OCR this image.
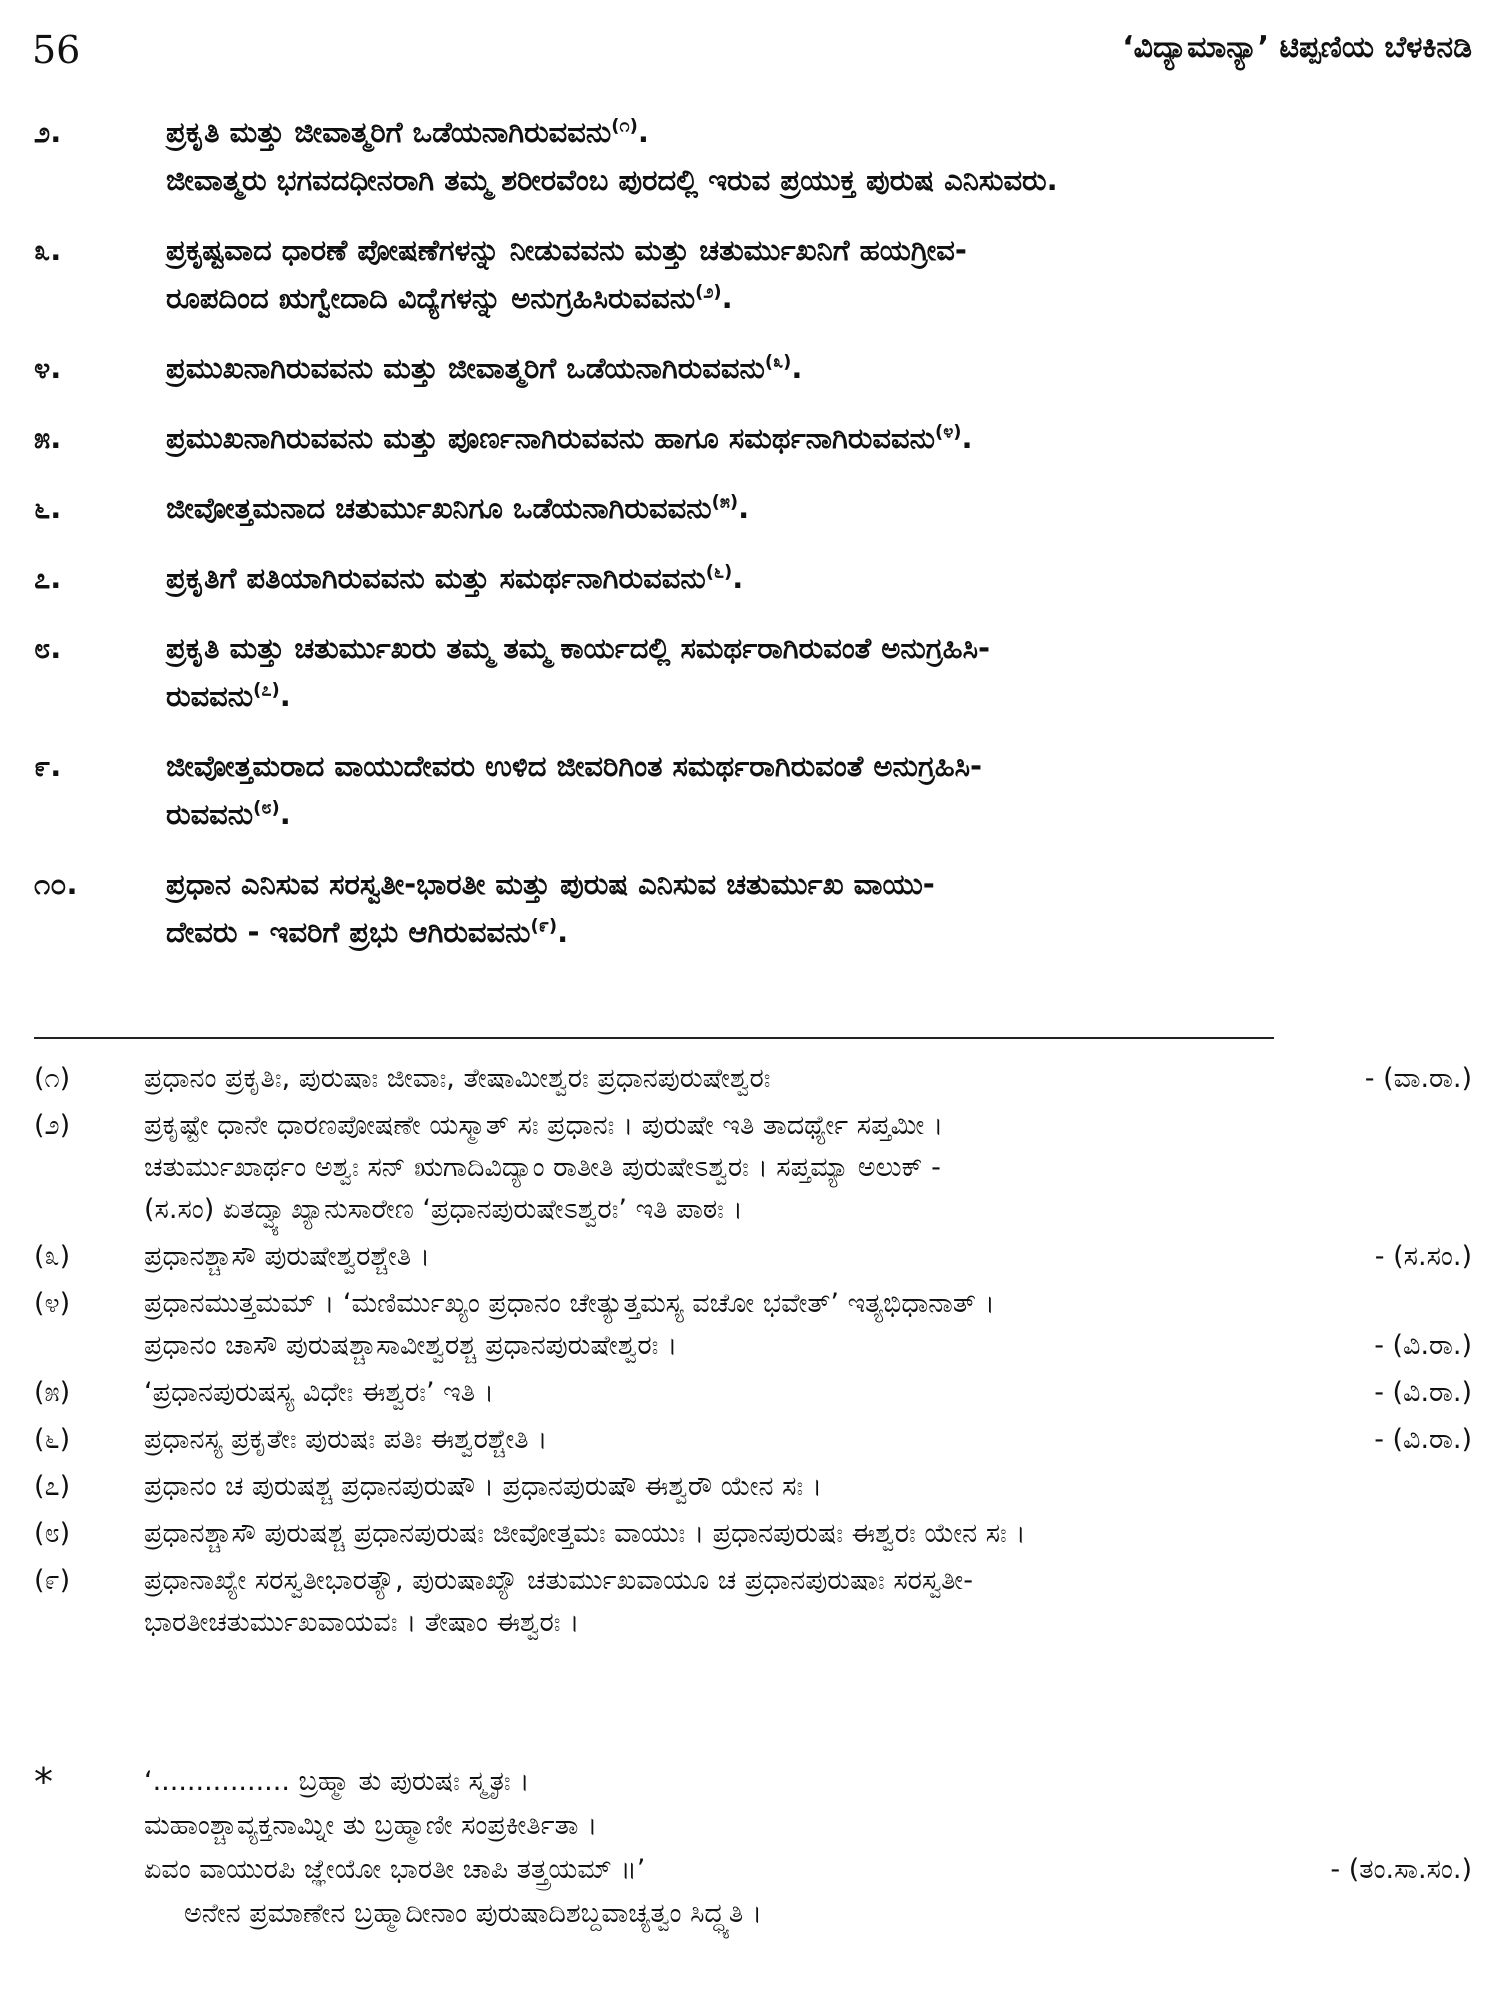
56	‘ವಿದ್ಯಾಮಾನ್ಯಾ’ ಟಿಪ್ಪಣಿಯ ಬೆಳಕಿನಡಿ
೨.	ಪ್ರಕೃತಿ ಮತ್ತು ಜೀವಾತ್ಮರಿಗೆ ಒಡೆಯನಾಗಿರುವವನು$^{(೧)}$.
ಜೀವಾತ್ಮರು ಭಗವದಧೀನರಾಗಿ ತಮ್ಮ ಶರೀರವೆಂಬ ಪುರದಲ್ಲಿ ಇರುವ ಪ್ರಯುಕ್ತ ಪುರುಷ ಎನಿಸುವರು.
೩.	ಪ್ರಕೃಷ್ಟವಾದ ಧಾರಣೆ ಪೋಷಣೆಗಳನ್ನು ನೀಡುವವನು ಮತ್ತು ಚತುರ್ಮುಖನಿಗೆ ಹಯಗ್ರೀವ-
ರೂಪದಿಂದ ಋಗ್ವೇದಾದಿ ವಿದ್ಯೆಗಳನ್ನು ಅನುಗ್ರಹಿಸಿರುವವನು$^{(೨)}$.
೪.	ಪ್ರಮುಖನಾಗಿರುವವನು ಮತ್ತು ಜೀವಾತ್ಮರಿಗೆ ಒಡೆಯನಾಗಿರುವವನು$^{(೩)}$.
೫.	ಪ್ರಮುಖನಾಗಿರುವವನು ಮತ್ತು ಪೂರ್ಣನಾಗಿರುವವನು ಹಾಗೂ ಸಮರ್ಥನಾಗಿರುವವನು$^{(೪)}$.
೬.	ಜೀವೋತ್ತಮನಾದ ಚತುರ್ಮುಖನಿಗೂ ಒಡೆಯನಾಗಿರುವವನು$^{(೫)}$.
೭.	ಪ್ರಕೃತಿಗೆ ಪತಿಯಾಗಿರುವವನು ಮತ್ತು ಸಮರ್ಥನಾಗಿರುವವನು$^{(೬)}$.
೮.	ಪ್ರಕೃತಿ ಮತ್ತು ಚತುರ್ಮುಖರು ತಮ್ಮ ತಮ್ಮ ಕಾರ್ಯದಲ್ಲಿ ಸಮರ್ಥರಾಗಿರುವಂತೆ ಅನುಗ್ರಹಿಸಿ-
ರುವವನು$^{(೭)}$.
೯.	ಜೀವೋತ್ತಮರಾದ ವಾಯುದೇವರು ಉಳಿದ ಜೀವರಿಗಿಂತ ಸಮರ್ಥರಾಗಿರುವಂತೆ ಅನುಗ್ರಹಿಸಿ-
ರುವವನು$^{(೮)}$.
೧೦.	ಪ್ರಧಾನ ಎನಿಸುವ ಸರಸ್ವತೀ-ಭಾರತೀ ಮತ್ತು ಪುರುಷ ಎನಿಸುವ ಚತುರ್ಮುಖ ವಾಯು-
ದೇವರು - ಇವರಿಗೆ ಪ್ರಭು ಆಗಿರುವವನು$^{(೯)}$.
(೧)	ಪ್ರಧಾನಂ ಪ್ರಕೃತಿಃ, ಪುರುಷಾಃ ಜೀವಾಃ, ತೇಷಾಮೀಶ್ವರಃ ಪ್ರಧಾನಪುರುಷೇಶ್ವರಃ	- (ವಾ.ರಾ.)
(೨)	ಪ್ರಕೃಷ್ಟೇ ಧಾನೇ ಧಾರಣಪೋಷಣೇ ಯಸ್ಮಾತ್ ಸಃ ಪ್ರಧಾನಃ । ಪುರುಷೇ ಇತಿ ತಾದರ್ಥ್ಯೇ ಸಪ್ತಮೀ ।
ಚತುರ್ಮುಖಾರ್ಥಂ ಅಶ್ವಃ ಸನ್ ಋಗಾದಿವಿದ್ಯಾಂ ರಾತೀತಿ ಪುರುಷೇಽಶ್ವರಃ । ಸಪ್ತಮ್ಯಾ ಅಲುಕ್ -
(ಸ.ಸಂ) ಏತದ್ವ್ಯಾಖ್ಯಾನುಸಾರೇಣ ‘ಪ್ರಧಾನಪುರುಷೇಽಶ್ವರಃ’ ಇತಿ ಪಾಠಃ ।
(೩)	ಪ್ರಧಾನಶ್ಚಾಸೌ ಪುರುಷೇಶ್ವರಶ್ಚೇತಿ ।	- (ಸ.ಸಂ.)
(೪)	ಪ್ರಧಾನಮುತ್ತಮಮ್ । ‘ಮಣಿರ್ಮುಖ್ಯಂ ಪ್ರಧಾನಂ ಚೇತ್ಯುತ್ತಮಸ್ಯ ವಚೋ ಭವೇತ್’ ಇತ್ಯಭಿಧಾನಾತ್ ।
ಪ್ರಧಾನಂ ಚಾಸೌ ಪುರುಷಶ್ಚಾಸಾವೀಶ್ವರಶ್ಚ ಪ್ರಧಾನಪುರುಷೇಶ್ವರಃ ।	- (ವಿ.ರಾ.)
(೫)	‘ಪ್ರಧಾನಪುರುಷಸ್ಯ ವಿಧೇಃ ಈಶ್ವರಃ’ ಇತಿ ।	- (ವಿ.ರಾ.)
(೬)	ಪ್ರಧಾನಸ್ಯ ಪ್ರಕೃತೇಃ ಪುರುಷಃ ಪತಿಃ ಈಶ್ವರಶ್ಚೇತಿ ।	- (ವಿ.ರಾ.)
(೭)	ಪ್ರಧಾನಂ ಚ ಪುರುಷಶ್ಚ ಪ್ರಧಾನಪುರುಷೌ । ಪ್ರಧಾನಪುರುಷೌ ಈಶ್ವರೌ ಯೇನ ಸಃ ।
(೮)	ಪ್ರಧಾನಶ್ಚಾಸೌ ಪುರುಷಶ್ಚ ಪ್ರಧಾನಪುರುಷಃ ಜೀವೋತ್ತಮಃ ವಾಯುಃ । ಪ್ರಧಾನಪುರುಷಃ ಈಶ್ವರಃ ಯೇನ ಸಃ ।
(೯)	ಪ್ರಧಾನಾಖ್ಯೇ ಸರಸ್ವತೀಭಾರತ್ಯೌ, ಪುರುಷಾಖ್ಯೌ ಚತುರ್ಮುಖವಾಯೂ ಚ ಪ್ರಧಾನಪುರುಷಾಃ ಸರಸ್ವತೀ-
ಭಾರತೀಚತುರ್ಮುಖವಾಯವಃ । ತೇಷಾಂ ಈಶ್ವರಃ ।
*	‘................ ಬ್ರಹ್ಮಾ ತು ಪುರುಷಃ ಸ್ಮೃತಃ ।
ಮಹಾಂಶ್ಚಾವ್ಯಕ್ತನಾಮ್ನೀ ತು ಬ್ರಹ್ಮಾಣೀ ಸಂಪ್ರಕೀರ್ತಿತಾ ।
ಏವಂ ವಾಯುರಪಿ ಜ್ಞೇಯೋ ಭಾರತೀ ಚಾಪಿ ತತ್ತ್ರಯಮ್ ॥’	- (ತಂ.ಸಾ.ಸಂ.)
ಅನೇನ ಪ್ರಮಾಣೇನ ಬ್ರಹ್ಮಾದೀನಾಂ ಪುರುಷಾದಿಶಬ್ದವಾಚ್ಯತ್ವಂ ಸಿದ್ಧ್ಯತಿ ।
